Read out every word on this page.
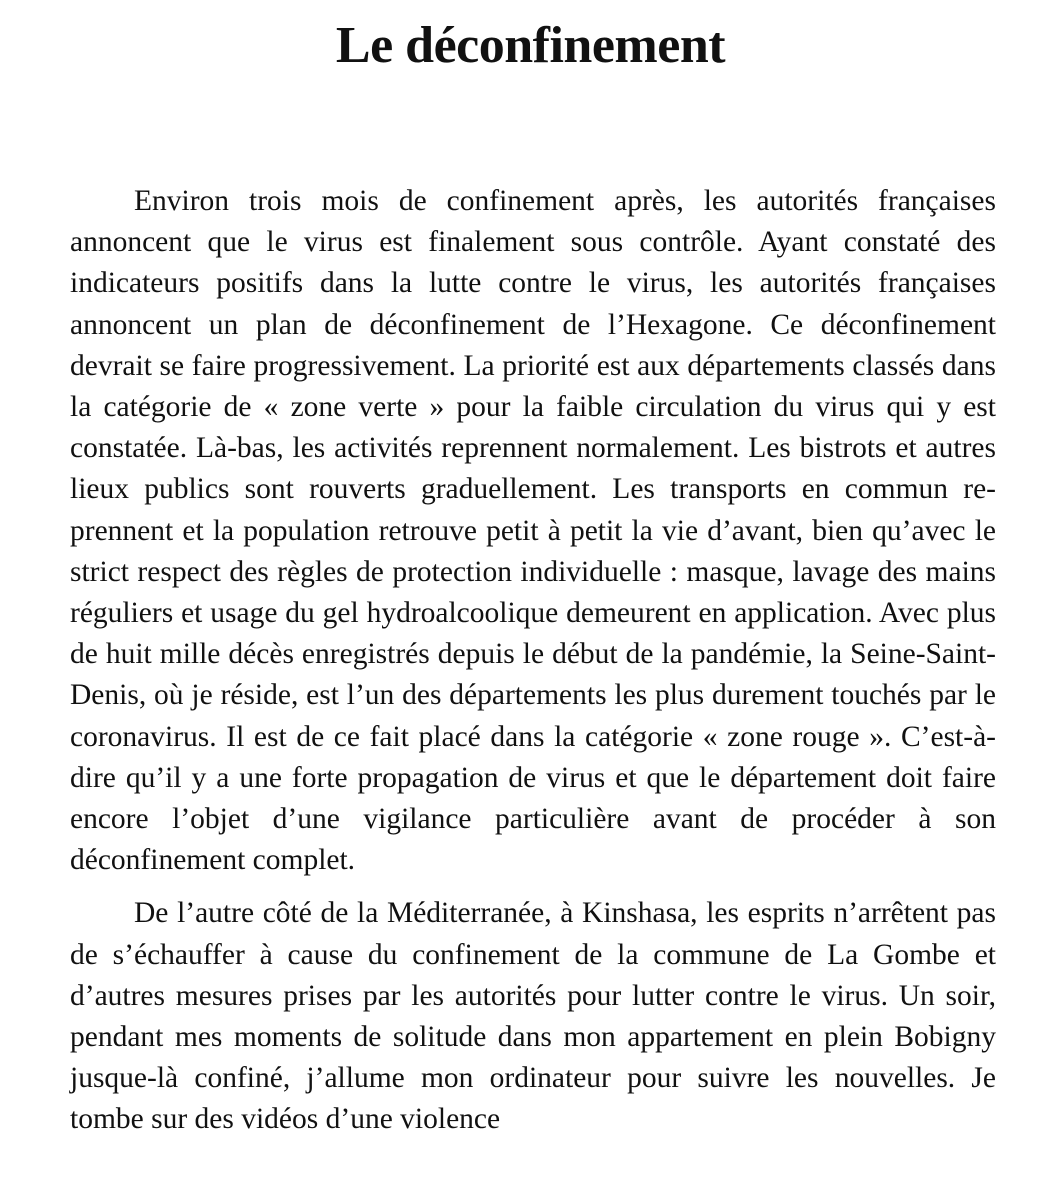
Le déconfinement

Environ trois mois de confinement après, les autorités françaises annoncent que le virus est finalement sous contrôle. Ayant constaté des indicateurs positifs dans la lutte contre le virus, les autorités françaises annoncent un plan de déconfinement de l’Hexagone. Ce déconfinement devrait se faire progressivement. La priorité est aux départements classés dans la catégorie de « zone verte » pour la faible circulation du virus qui y est constatée. Là-bas, les activités reprennent normalement. Les bistrots et autres lieux publics sont rouverts graduellement. Les transports en commun reprennent et la population retrouve petit à petit la vie d’avant, bien qu’avec le strict respect des règles de protection individuelle : masque, lavage des mains réguliers et usage du gel hydroalcoolique demeurent en application. Avec plus de huit mille décès enregistrés depuis le début de la pandémie, la Seine-Saint-Denis, où je réside, est l’un des départements les plus durement touchés par le coronavirus. Il est de ce fait placé dans la catégorie « zone rouge ». C’est-à-dire qu’il y a une forte propagation de virus et que le département doit faire encore l’objet d’une vigilance particulière avant de procéder à son déconfinement complet.

De l’autre côté de la Méditerranée, à Kinshasa, les esprits n’arrêtent pas de s’échauffer à cause du confinement de la commune de La Gombe et d’autres mesures prises par les autorités pour lutter contre le virus. Un soir, pendant mes moments de solitude dans mon appartement en plein Bobigny jusque-là confiné, j’allume mon ordinateur pour suivre les nouvelles. Je tombe sur des vidéos d’une violence
